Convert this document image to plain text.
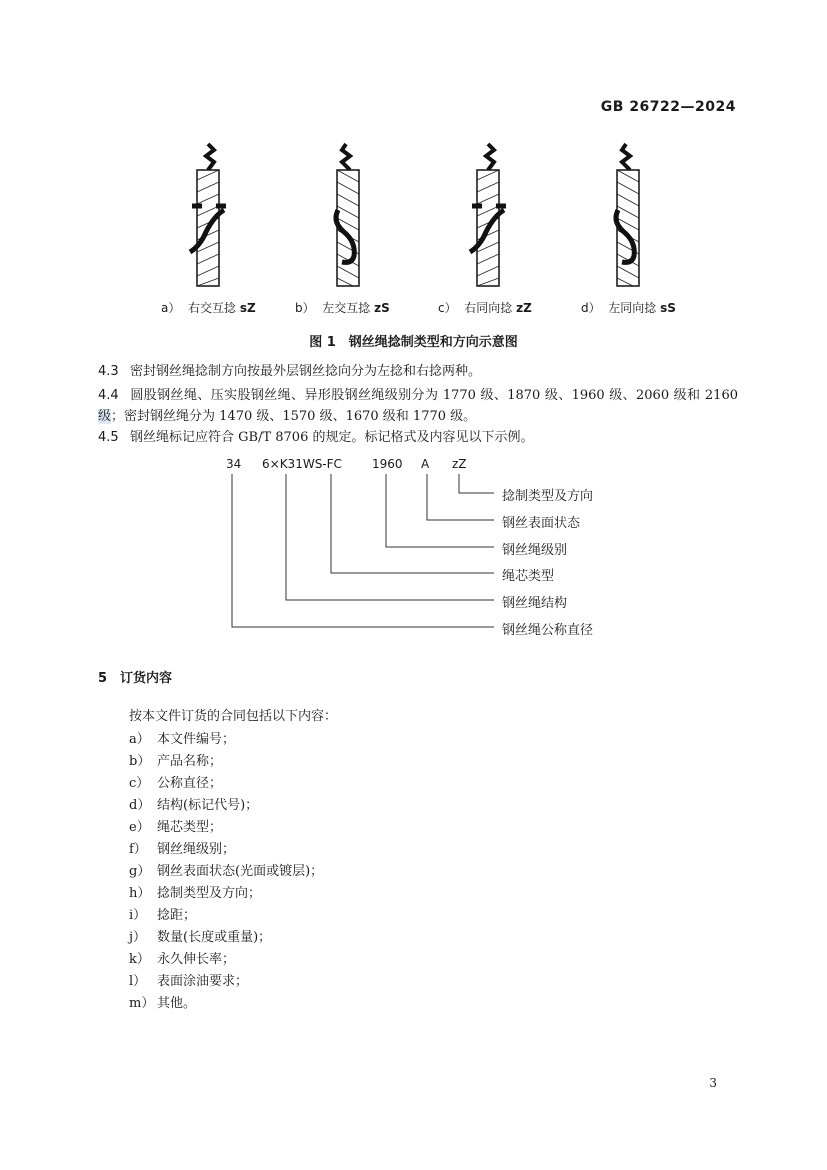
GB 26722—2024
a） 右交互捻 sZ	b） 左交互捻 zS	c） 右同向捻 zZ	d） 左同向捻 sS
图 1　钢丝绳捻制类型和方向示意图
4.3 密封钢丝绳捻制方向按最外层钢丝捻向分为左捻和右捻两种。
4.4 圆股钢丝绳、压实股钢丝绳、异形股钢丝绳级别分为 1770 级、1870 级、1960 级、2060 级和 2160 级；密封钢丝绳分为 1470 级、1570 级、1670 级和 1770 级。
4.5 钢丝绳标记应符合 GB/T 8706 的规定。标记格式及内容见以下示例。
34 6×K31WS-FC	1960 A zZ
捻制类型及方向
钢丝表面状态
钢丝绳级别
绳芯类型
钢丝绳结构
钢丝绳公称直径
5 订货内容
按本文件订货的合同包括以下内容：
a） 本文件编号；
b） 产品名称；
c） 公称直径；
d） 结构(标记代号)；
e） 绳芯类型；
f） 钢丝绳级别；
g） 钢丝表面状态(光面或镀层)；
h） 捻制类型及方向；
i） 捻距；
j） 数量(长度或重量)；
k） 永久伸长率；
l） 表面涂油要求；
m） 其他。
3
